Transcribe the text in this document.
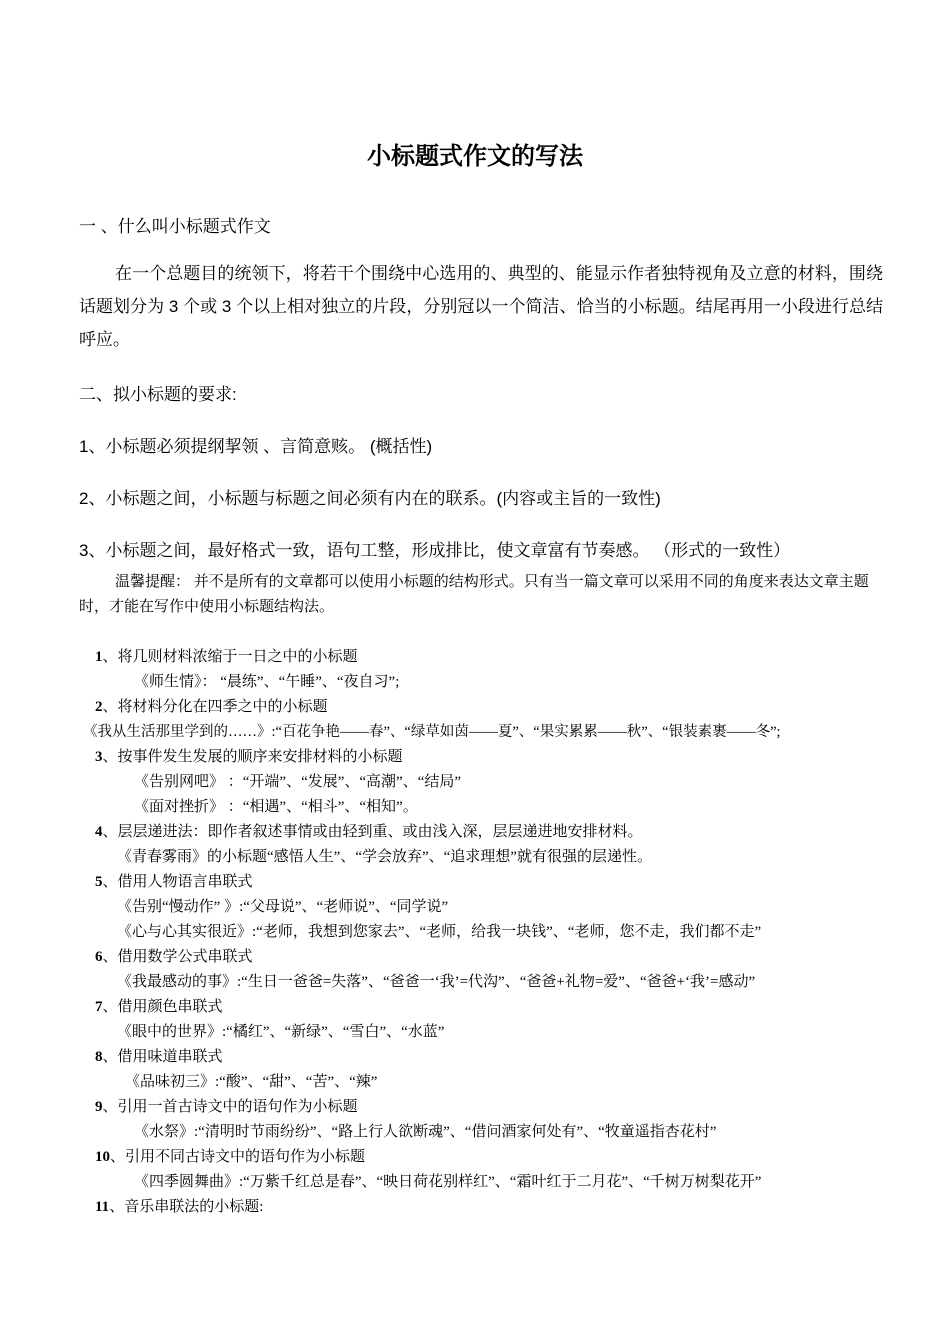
小标题式作文的写法
一 、什么叫小标题式作文
在一个总题目的统领下，将若干个围绕中心选用的、典型的、能显示作者独特视角及立意的材料，围绕话题划分为 3 个或 3 个以上相对独立的片段，分别冠以一个简洁、恰当的小标题。结尾再用一小段进行总结呼应。
二、拟小标题的要求:
1、小标题必须提纲挈领 、言简意赅。 (概括性)
2、小标题之间，小标题与标题之间必须有内在的联系。(内容或主旨的一致性)
3、小标题之间，最好格式一致，语句工整，形成排比，使文章富有节奏感。 （形式的一致性）
温馨提醒： 并不是所有的文章都可以使用小标题的结构形式。只有当一篇文章可以采用不同的角度来表达文章主题时，才能在写作中使用小标题结构法。
1、将几则材料浓缩于一日之中的小标题
《师生情》： “晨练”、“午睡”、“夜自习”;
2、将材料分化在四季之中的小标题
《我从生活那里学到的……》:“百花争艳——春”、“绿草如茵——夏”、“果实累累——秋”、“银装素裹——冬”;
3、按事件发生发展的顺序来安排材料的小标题
《告别网吧》 ：“开端”、“发展”、“高潮”、“结局”
《面对挫折》 ：“相遇”、“相斗”、“相知”。
4、层层递进法：即作者叙述事情或由轻到重、或由浅入深，层层递进地安排材料。
《青春雾雨》的小标题“感悟人生”、“学会放弃”、“追求理想”就有很强的层递性。
5、借用人物语言串联式
《告别“慢动作” 》:“父母说”、“老师说”、“同学说”
《心与心其实很近》:“老师，我想到您家去”、“老师，给我一块钱”、“老师，您不走，我们都不走”
6、借用数学公式串联式
《我最感动的事》:“生日一爸爸=失落”、“爸爸一‘我’=代沟”、“爸爸+礼物=爱”、“爸爸+‘我’=感动”
7、借用颜色串联式
《眼中的世界》:“橘红”、“新绿”、“雪白”、“水蓝”
8、借用味道串联式
《品味初三》:“酸”、“甜”、“苦”、“辣”
9、引用一首古诗文中的语句作为小标题
《水祭》:“清明时节雨纷纷”、“路上行人欲断魂”、“借问酒家何处有”、“牧童遥指杏花村”
10、引用不同古诗文中的语句作为小标题
《四季圆舞曲》:“万紫千红总是春”、“映日荷花别样红”、“霜叶红于二月花”、“千树万树梨花开”
11、音乐串联法的小标题:
